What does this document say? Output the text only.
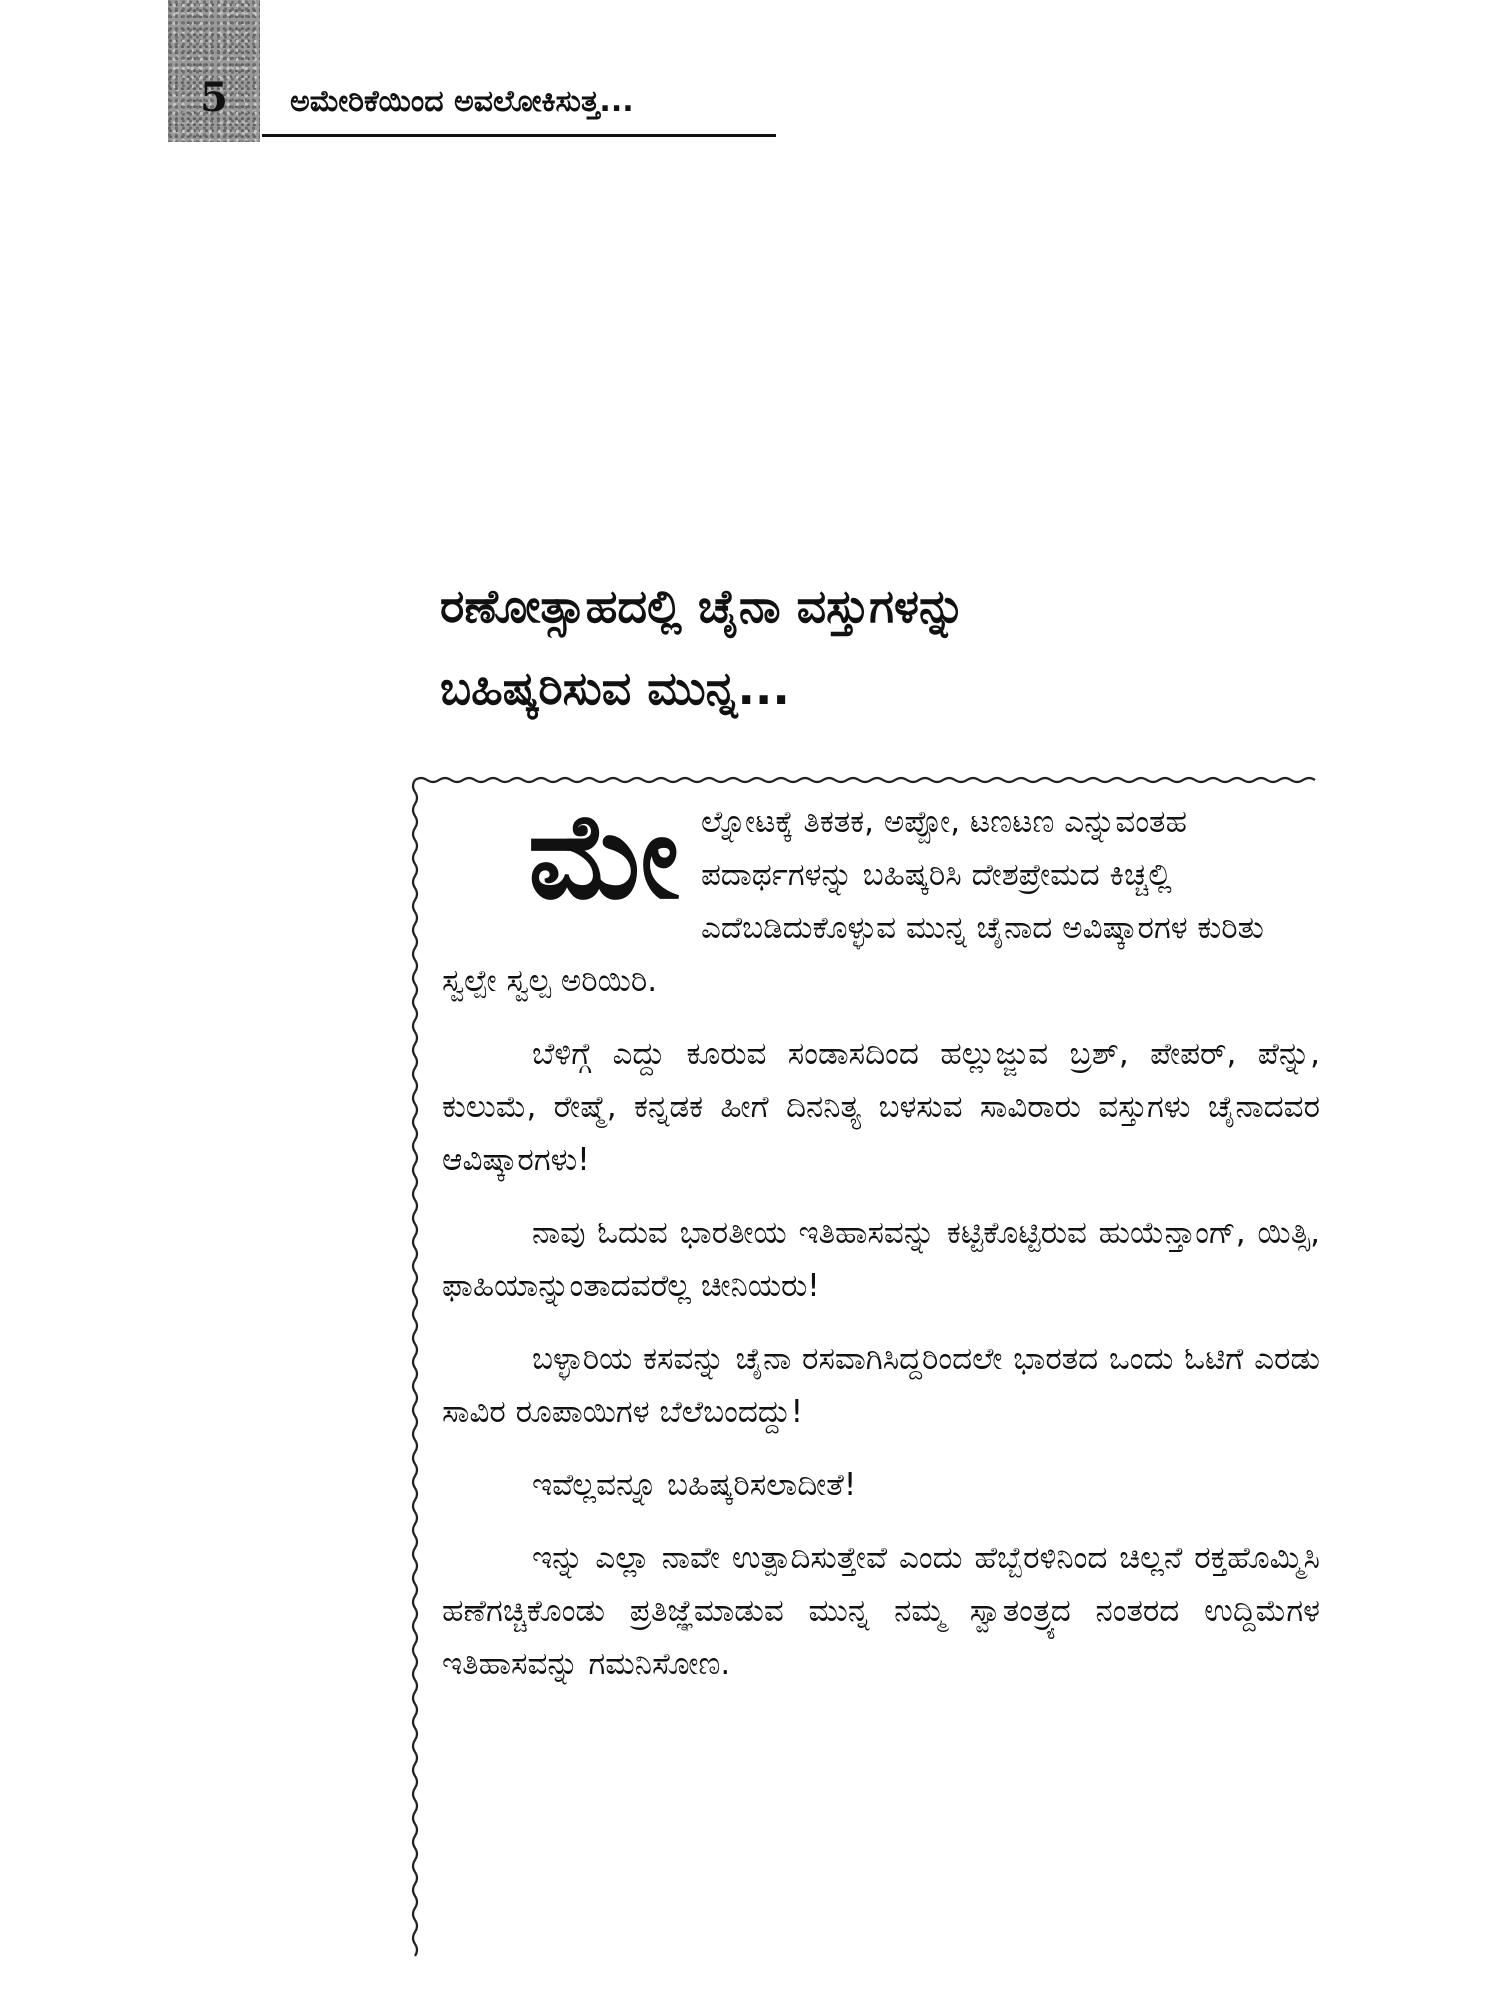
5	ಅಮೇರಿಕೆಯಿಂದ ಅವಲೋಕಿಸುತ್ತ...
ರಣೋತ್ಸಾಹದಲ್ಲಿ ಚೈನಾ ವಸ್ತುಗಳನ್ನು
ಬಹಿಷ್ಕರಿಸುವ ಮುನ್ನ...

ಮೇಲ್ನೋಟಕ್ಕೆ ತಿಕತಕ, ಅಪ್ಪೋ, ಟಣಟಣ ಎನ್ನುವಂತಹ ಪದಾರ್ಥಗಳನ್ನು ಬಹಿಷ್ಕರಿಸಿ ದೇಶಪ್ರೇಮದ ಕಿಚ್ಚಲ್ಲಿ ಎದೆಬಡಿದುಕೊಳ್ಳುವ ಮುನ್ನ ಚೈನಾದ ಅವಿಷ್ಕಾರಗಳ ಕುರಿತು ಸ್ವಲ್ಪೇ ಸ್ವಲ್ಪ ಅರಿಯಿರಿ.

ಬೆಳಿಗ್ಗೆ ಎದ್ದು ಕೂರುವ ಸಂಡಾಸದಿಂದ ಹಲ್ಲುಜ್ಜುವ ಬ್ರಶ್, ಪೇಪರ್, ಪೆನ್ನು, ಕುಲುಮೆ, ರೇಷ್ಮೆ, ಕನ್ನಡಕ ಹೀಗೆ ದಿನನಿತ್ಯ ಬಳಸುವ ಸಾವಿರಾರು ವಸ್ತುಗಳು ಚೈನಾದವರ ಆವಿಷ್ಕಾರಗಳು!

ನಾವು ಓದುವ ಭಾರತೀಯ ಇತಿಹಾಸವನ್ನು ಕಟ್ಟಿಕೊಟ್ಟಿರುವ ಹುಯೆನ್ತಾಂಗ್, ಯಿತ್ಸಿ, ಫಾಹಿಯಾನ್ನುಂತಾದವರೆಲ್ಲ ಚೀನಿಯರು!

ಬಳ್ಳಾರಿಯ ಕಸವನ್ನು ಚೈನಾ ರಸವಾಗಿಸಿದ್ದರಿಂದಲೇ ಭಾರತದ ಒಂದು ಓಟಿಗೆ ಎರಡು ಸಾವಿರ ರೂಪಾಯಿಗಳ ಬೆಲೆಬಂದದ್ದು!

ಇವೆಲ್ಲವನ್ನೂ ಬಹಿಷ್ಕರಿಸಲಾದೀತೆ!

ಇನ್ನು ಎಲ್ಲಾ ನಾವೇ ಉತ್ಪಾದಿಸುತ್ತೇವೆ ಎಂದು ಹೆಬ್ಬೆರಳಿನಿಂದ ಚಿಲ್ಲನೆ ರಕ್ತಹೊಮ್ಮಿಸಿ ಹಣೆಗಚ್ಚಿಕೊಂಡು ಪ್ರತಿಜ್ಞೆಮಾಡುವ ಮುನ್ನ ನಮ್ಮ ಸ್ವಾತಂತ್ರ್ಯದ ನಂತರದ ಉದ್ದಿಮೆಗಳ ಇತಿಹಾಸವನ್ನು ಗಮನಿಸೋಣ.
